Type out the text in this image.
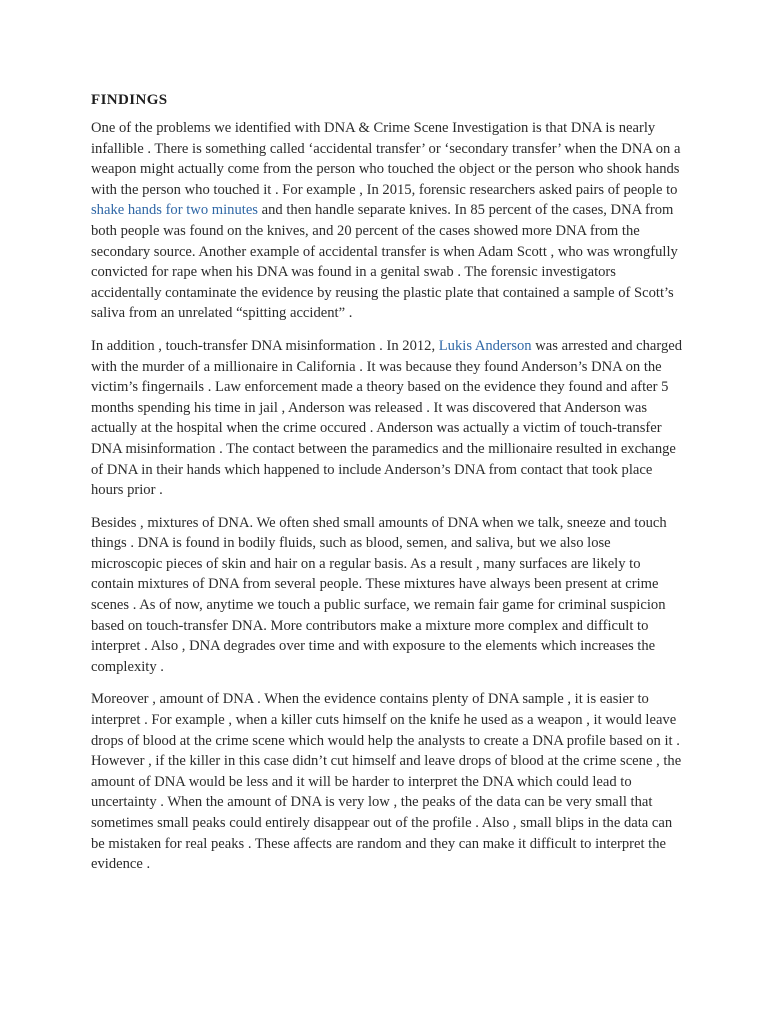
FINDINGS

One of the problems we identified with DNA & Crime Scene Investigation is that DNA is nearly infallible . There is something called ‘accidental transfer’ or ‘secondary transfer’ when the DNA on a weapon might actually come from the person who touched the object or the person who shook hands with the person who touched it . For example , In 2015, forensic researchers asked pairs of people to shake hands for two minutes and then handle separate knives. In 85 percent of the cases, DNA from both people was found on the knives, and 20 percent of the cases showed more DNA from the secondary source. Another example of accidental transfer is when Adam Scott , who was wrongfully convicted for rape when his DNA was found in a genital swab . The forensic investigators accidentally contaminate the evidence by reusing the plastic plate that contained a sample of Scott’s saliva from an unrelated “spitting accident” .

In addition , touch-transfer DNA misinformation . In 2012, Lukis Anderson was arrested and charged with the murder of a millionaire in California . It was because they found Anderson’s DNA on the victim’s fingernails . Law enforcement made a theory based on the evidence they found and after 5 months spending his time in jail , Anderson was released . It was discovered that Anderson was actually at the hospital when the crime occured . Anderson was actually a victim of touch-transfer DNA misinformation . The contact between the paramedics and the millionaire resulted in exchange of DNA in their hands which happened to include Anderson’s DNA from contact that took place hours prior .

Besides , mixtures of DNA. We often shed small amounts of DNA when we talk, sneeze and touch things . DNA is found in bodily fluids, such as blood, semen, and saliva, but we also lose microscopic pieces of skin and hair on a regular basis. As a result , many surfaces are likely to contain mixtures of DNA from several people. These mixtures have always been present at crime scenes . As of now, anytime we touch a public surface, we remain fair game for criminal suspicion based on touch-transfer DNA. More contributors make a mixture more complex and difficult to interpret . Also , DNA degrades over time and with exposure to the elements which increases the complexity .

Moreover , amount of DNA . When the evidence contains plenty of DNA sample , it is easier to interpret . For example , when a killer cuts himself on the knife he used as a weapon , it would leave drops of blood at the crime scene which would help the analysts to create a DNA profile based on it . However , if the killer in this case didn’t cut himself and leave drops of blood at the crime scene , the amount of DNA would be less and it will be harder to interpret the DNA which could lead to uncertainty . When the amount of DNA is very low , the peaks of the data can be very small that sometimes small peaks could entirely disappear out of the profile . Also , small blips in the data can be mistaken for real peaks . These affects are random and they can make it difficult to interpret the evidence .
